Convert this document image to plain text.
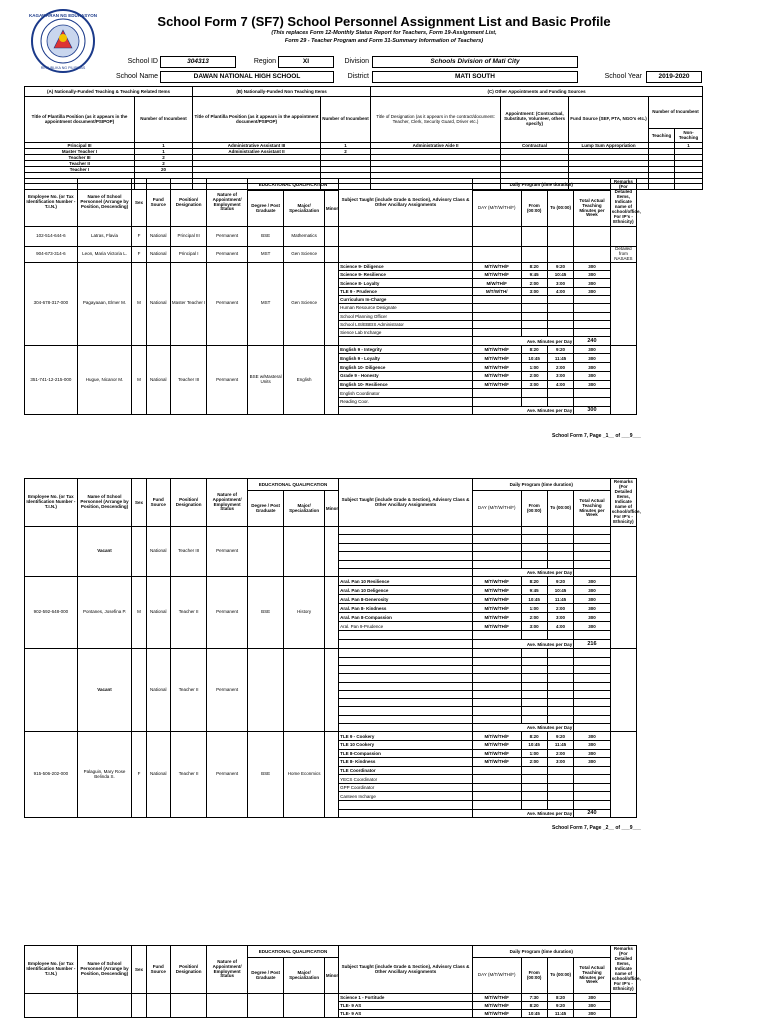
KAGAWARAN NG EDUKASYON
REPUBLIKA NG PILIPINAS
School Form 7 (SF7) School Personnel Assignment List and Basic Profile
(This replaces Form 12-Monthly Status Report for Teachers, Form 19-Assignment List,
Form 29 - Teacher Program and Form 31-Summary Information of Teachers)
School ID	304313	Region	XI	Division	Schools Division of Mati City
School Name	DAWAN NATIONAL HIGH SCHOOL	District	MATI SOUTH	School Year	2019-2020
(A) Nationally-Funded Teaching & Teaching Related Items		(B) Nationally-Funded Non Teaching Items		(C) Other Appointments and Funding Sources				
Title of Plantilla Position (as it appears in the appointment document/PSIPOP)	Number of Incumbent	Title of Plantilla Position (as it appears in the appointment document/PSIPOP)	Number of Incumbent	Title of Designation (as it appears in the contract/document: Teacher, Clerk, Security Guard, Driver etc.)	Appointment: (Contractual, Substitute, Volunteer, others specify)	Fund Source (SEF, PTA, NGO's etc.)	Number of Incumbent	
							Teaching	Non-Teaching
Principal III	1	Administrative Assistant III	1	Administrative Aide II	Contractual	Lump Sum Appropriation		1
Master Teacher I	1	Administrative Assistant II	2					
Teacher III	2							
Teacher II	2							
Teacher I	20							

Employee No. (or Tax Identification Number -T.I.N.)	Name of School Personnel (Arrange by Position, Descending)	Sex	Fund Source	Position/ Designation	Nature of Appointment/ Employment Status	EDUCATIONAL QUALIFICATION			Subject Taught (include Grade & Section), Advisory Class & Other Ancillary Assignments	Daily Program (time duration)				Remarks (For Detailed Items, Indicate name of school/office, For IP's -Ethnicity)
						Degree / Post Graduate	Major/ Specialization	Minor		DAY (M/T/W/TH/F)	From (00:00)	To (00:00)	Total Actual Teaching Minutes per Week	
102-514-644-6	Latras, Flavia	F	National	Principal III	Permanent	BSE	Mathematics							
904-673-314-6	Leon, Maria Victoria L.	F	National	Principal I	Permanent	MST	Gen Science							Detailed from NASAES
304-678-317-000	Pagayaaan, Elmer M.	M	National	Master Teacher I	Permanent	MST	Gen Science		Science 9- Diligence	M/T/W/TH/F	8:20	9:20	300	
									Science 9- Resilience	M/T/W/TH/F	9:45	10:45	300	
									Science 8- Loyalty	M/W/TH/F	2:00	3:00	300	
									TLE 9 - Prudence	M/T/W/TH/	3:00	4:00	300	
									Curriculum In-Charge					
									Human Resource Designate					
									School Planning Officer					
									School LIS/EBEIS Administrator					
									Sience Lab Incharge					
										Ave. Minutes per Day			240	
351-741-12-215-000	Hugue, Nicanor M.	M	National	Teacher III	Permanent	BSE w/Masteral Units	English		English 9 - Integrity	M/T/W/TH/F	8:20	9:20	300	
									English 9 - Loyalty	M/T/W/TH/F	10:45	11:45	300	
									English 10- Diligence	M/T/W/TH/F	1:00	2:00	300	
									Grade 9 - Honesty	M/T/W/TH/F	2:00	3:00	300	
									English 10- Resilience	M/T/W/TH/F	3:00	4:00	300	
									English Coordinator					
									Reading Coor.					
										Ave. Minutes per Day			300	
School Form 7, Page _1__ of ___9___
Employee No. (or Tax Identification Number -T.I.N.)	Name of School Personnel (Arrange by Position, Descending)	Sex	Fund Source	Position/ Designation	Nature of Appointment/ Employment Status	EDUCATIONAL QUALIFICATION			Subject Taught (include Grade & Section), Advisory Class & Other Ancillary Assignments	Daily Program (time duration)				Remarks (For Detailed Items, Indicate name of school/office, For IP's -Ethnicity)
						Degree / Post Graduate	Major/ Specialization	Minor		DAY (M/T/W/TH/F)	From (00:00)	To (00:00)	Total Actual Teaching Minutes per Week	
	Vacant		National	Teacher III	Permanent									

										Ave. Minutes per Day				
902-592-648-000	Pontanes, Josefina P.	M	National	Teacher II	Permanent	BSE	History		Aral. Pan 10 Resilience	M/T/W/TH/F	8:20	9:20	300	
									Aral. Pan 10 Deligence	M/T/W/TH/F	9:45	10:45	300	
									Aral. Pan 8-Generosity	M/T/W/TH/F	10:45	11:45	300	
									Aral. Pan 8- Kindness	M/T/W/TH/F	1:00	2:00	300	
									Aral. Pan 8-Compassion	M/T/W/TH/F	2:00	3:00	300	
									Aral. Pan 9-Prudence	M/T/W/TH/F	3:00	4:00	300	

										Ave. Minutes per Day			216	
	Vacant		National	Teacher II	Permanent									

										Ave. Minutes per Day				
915-506-202-000	Palaguin, Mary Rose Belinda S.	F	National	Teacher II	Permanent	BSE	Home Econmics		TLE 9 - Cookery	M/T/W/TH/F	8:20	9:20	300	
									TLE 10 Cookery	M/T/W/TH/F	10:45	11:45	300	
									TLE 8-Compassion	M/T/W/TH/F	1:00	2:00	300	
									TLE 8- Kindness	M/T/W/TH/F	2:00	3:00	300	
									TLE Coordinator					
									YECS Coordinator					
									GPP Coordinator					
									Canteen Incharge					

										Ave. Minutes per Day			240	
School Form 7, Page _2__ of ___9___
Employee No. (or Tax Identification Number -T.I.N.)	Name of School Personnel (Arrange by Position, Descending)	Sex	Fund Source	Position/ Designation	Nature of Appointment/ Employment Status	EDUCATIONAL QUALIFICATION			Subject Taught (include Grade & Section), Advisory Class & Other Ancillary Assignments	Daily Program (time duration)				Remarks (For Detailed Items, Indicate name of school/office, For IP's -Ethnicity)
						Degree / Post Graduate	Major/ Specialization	Minor		DAY (M/T/W/TH/F)	From (00:00)	To (00:00)	Total Actual Teaching Minutes per Week	
									Science 1 - Fortitude	M/T/W/TH/F	7:30	8:20	300	
									TLE- 9 AS	M/T/W/TH/F	8:20	9:20	300	
									TLE- 9 AS	M/T/W/TH/F	10:45	11:45	300	
